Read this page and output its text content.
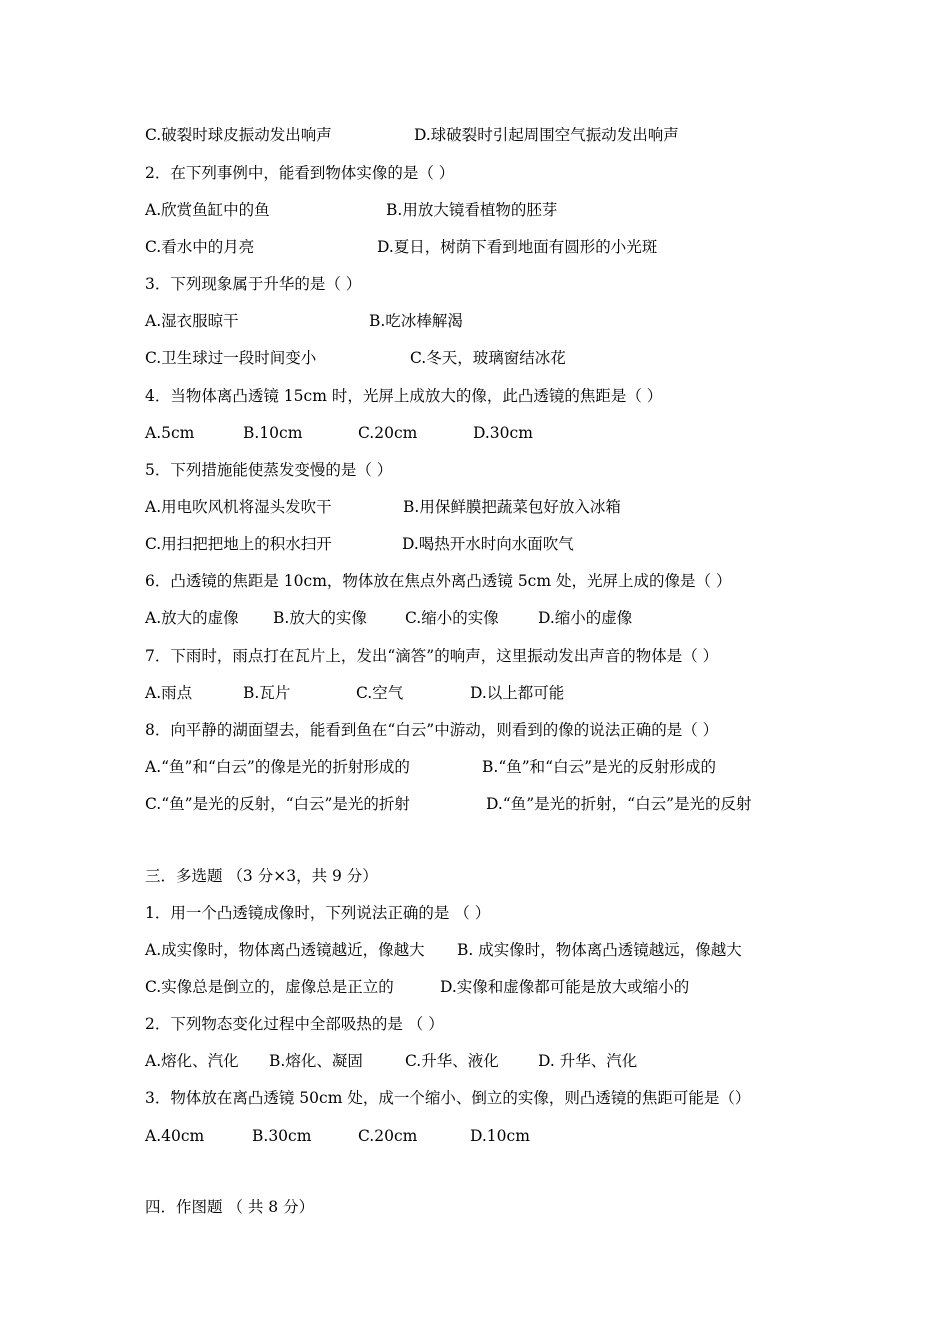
C.破裂时球皮振动发出响声	D.球破裂时引起周围空气振动发出响声
2．在下列事例中，能看到物体实像的是（ ）
A.欣赏鱼缸中的鱼	B.用放大镜看植物的胚芽
C.看水中的月亮	D.夏日，树荫下看到地面有圆形的小光斑
3．下列现象属于升华的是（ ）
A.湿衣服晾干	B.吃冰棒解渴
C.卫生球过一段时间变小	C.冬天，玻璃窗结冰花
4．当物体离凸透镜 15cm 时，光屏上成放大的像，此凸透镜的焦距是（ ）
A.5cm	B.10cm	C.20cm	D.30cm
5．下列措施能使蒸发变慢的是（ ）
A.用电吹风机将湿头发吹干	B.用保鲜膜把蔬菜包好放入冰箱
C.用扫把把地上的积水扫开	D.喝热开水时向水面吹气
6．凸透镜的焦距是 10cm，物体放在焦点外离凸透镜 5cm 处，光屏上成的像是（ ）
A.放大的虚像 B.放大的实像 C.缩小的实像	D.缩小的虚像
7．下雨时，雨点打在瓦片上，发出“滴答”的响声，这里振动发出声音的物体是（ ）
A.雨点	B.瓦片	C.空气	D.以上都可能
8．向平静的湖面望去，能看到鱼在“白云”中游动，则看到的像的说法正确的是（ ）
A.“鱼”和“白云”的像是光的折射形成的	B.“鱼”和“白云”是光的反射形成的
C.“鱼”是光的反射，“白云”是光的折射	D.“鱼”是光的折射，“白云”是光的反射
三．多选题 （3 分×3，共 9 分）
1．用一个凸透镜成像时，下列说法正确的是 （ ）
A.成实像时，物体离凸透镜越近，像越大 B. 成实像时，物体离凸透镜越远，像越大
C.实像总是倒立的，虚像总是正立的	D.实像和虚像都可能是放大或缩小的
2．下列物态变化过程中全部吸热的是 （ ）
A.熔化、汽化 B.熔化、凝固	C.升华、液化	D. 升华、汽化
3．物体放在离凸透镜 50cm 处，成一个缩小、倒立的实像，则凸透镜的焦距可能是（）
A.40cm	B.30cm	C.20cm	D.10cm
四．作图题 （ 共 8 分）
